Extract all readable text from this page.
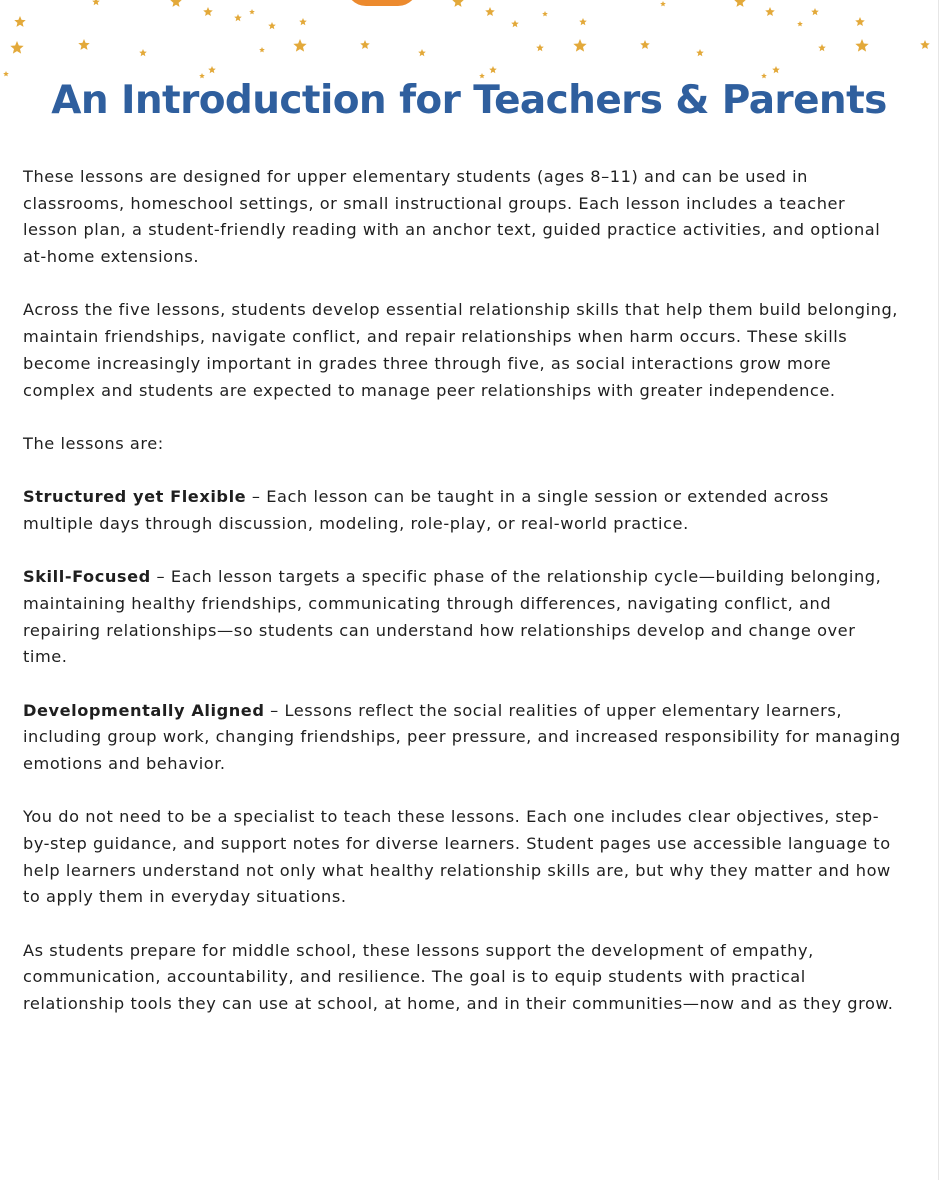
An Introduction for Teachers & Parents

These lessons are designed for upper elementary students (ages 8–11) and can be used in classrooms, homeschool settings, or small instructional groups. Each lesson includes a teacher lesson plan, a student-friendly reading with an anchor text, guided practice activities, and optional at-home extensions.

Across the five lessons, students develop essential relationship skills that help them build belonging, maintain friendships, navigate conflict, and repair relationships when harm occurs. These skills become increasingly important in grades three through five, as social interactions grow more complex and students are expected to manage peer relationships with greater independence.

The lessons are:

Structured yet Flexible – Each lesson can be taught in a single session or extended across multiple days through discussion, modeling, role-play, or real-world practice.

Skill-Focused – Each lesson targets a specific phase of the relationship cycle—building belonging, maintaining healthy friendships, communicating through differences, navigating conflict, and repairing relationships—so students can understand how relationships develop and change over time.

Developmentally Aligned – Lessons reflect the social realities of upper elementary learners, including group work, changing friendships, peer pressure, and increased responsibility for managing emotions and behavior.

You do not need to be a specialist to teach these lessons. Each one includes clear objectives, step-by-step guidance, and support notes for diverse learners. Student pages use accessible language to help learners understand not only what healthy relationship skills are, but why they matter and how to apply them in everyday situations.

As students prepare for middle school, these lessons support the development of empathy, communication, accountability, and resilience. The goal is to equip students with practical relationship tools they can use at school, at home, and in their communities—now and as they grow.
